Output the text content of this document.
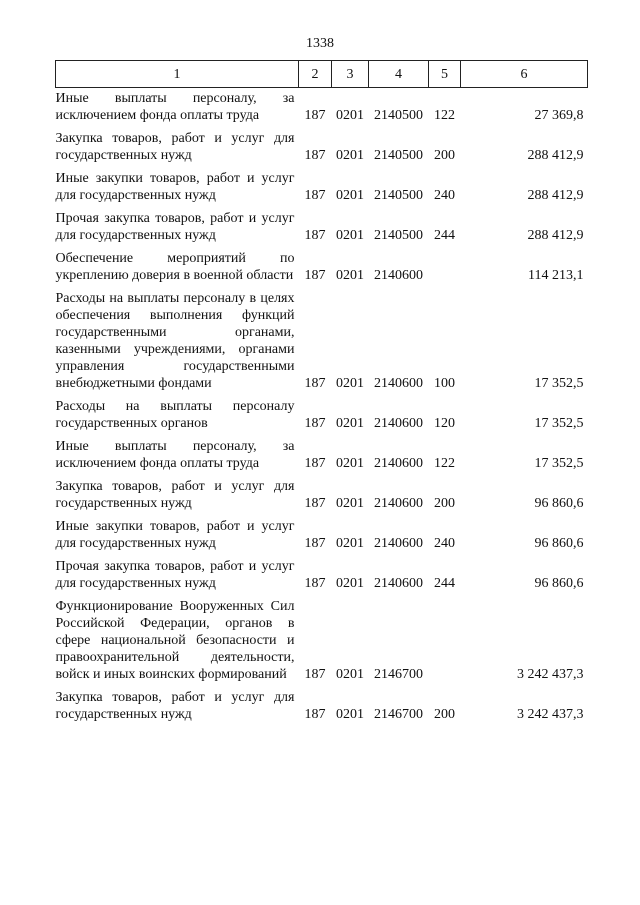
1338
1	2	3	4	5	6
Иные выплаты персоналу, за исключением фонда оплаты труда	187	0201	2140500	122	27 369,8
Закупка товаров, работ и услуг для государственных нужд	187	0201	2140500	200	288 412,9
Иные закупки товаров, работ и услуг для государственных нужд	187	0201	2140500	240	288 412,9
Прочая закупка товаров, работ и услуг для государственных нужд	187	0201	2140500	244	288 412,9
Обеспечение мероприятий по укреплению доверия в военной области	187	0201	2140600		114 213,1
Расходы на выплаты персоналу в целях обеспечения выполнения функций государственными органами, казенными учреждениями, органами управления государственными внебюджетными фондами	187	0201	2140600	100	17 352,5
Расходы на выплаты персоналу государственных органов	187	0201	2140600	120	17 352,5
Иные выплаты персоналу, за исключением фонда оплаты труда	187	0201	2140600	122	17 352,5
Закупка товаров, работ и услуг для государственных нужд	187	0201	2140600	200	96 860,6
Иные закупки товаров, работ и услуг для государственных нужд	187	0201	2140600	240	96 860,6
Прочая закупка товаров, работ и услуг для государственных нужд	187	0201	2140600	244	96 860,6
Функционирование Вооруженных Сил Российской Федерации, органов в сфере национальной безопасности и правоохранительной деятельности, войск и иных воинских формирований	187	0201	2146700		3 242 437,3
Закупка товаров, работ и услуг для государственных нужд	187	0201	2146700	200	3 242 437,3
